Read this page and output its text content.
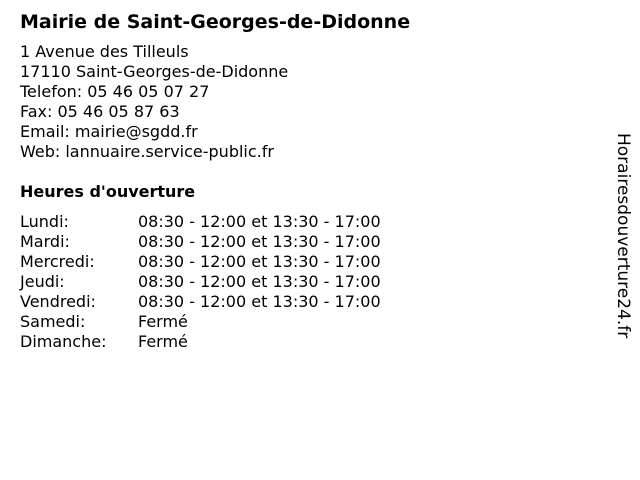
Mairie de Saint-Georges-de-Didonne
1 Avenue des Tilleuls
17110 Saint-Georges-de-Didonne
Telefon: 05 46 05 07 27
Fax: 05 46 05 87 63
Email: mairie@sgdd.fr
Web: lannuaire.service-public.fr
Heures d'ouverture
Lundi:	08:30 - 12:00 et 13:30 - 17:00
Mardi:	08:30 - 12:00 et 13:30 - 17:00
Mercredi:	08:30 - 12:00 et 13:30 - 17:00
Jeudi:	08:30 - 12:00 et 13:30 - 17:00
Vendredi:	08:30 - 12:00 et 13:30 - 17:00
Samedi:	Fermé
Dimanche:	Fermé
Horairesdouverture24.fr
